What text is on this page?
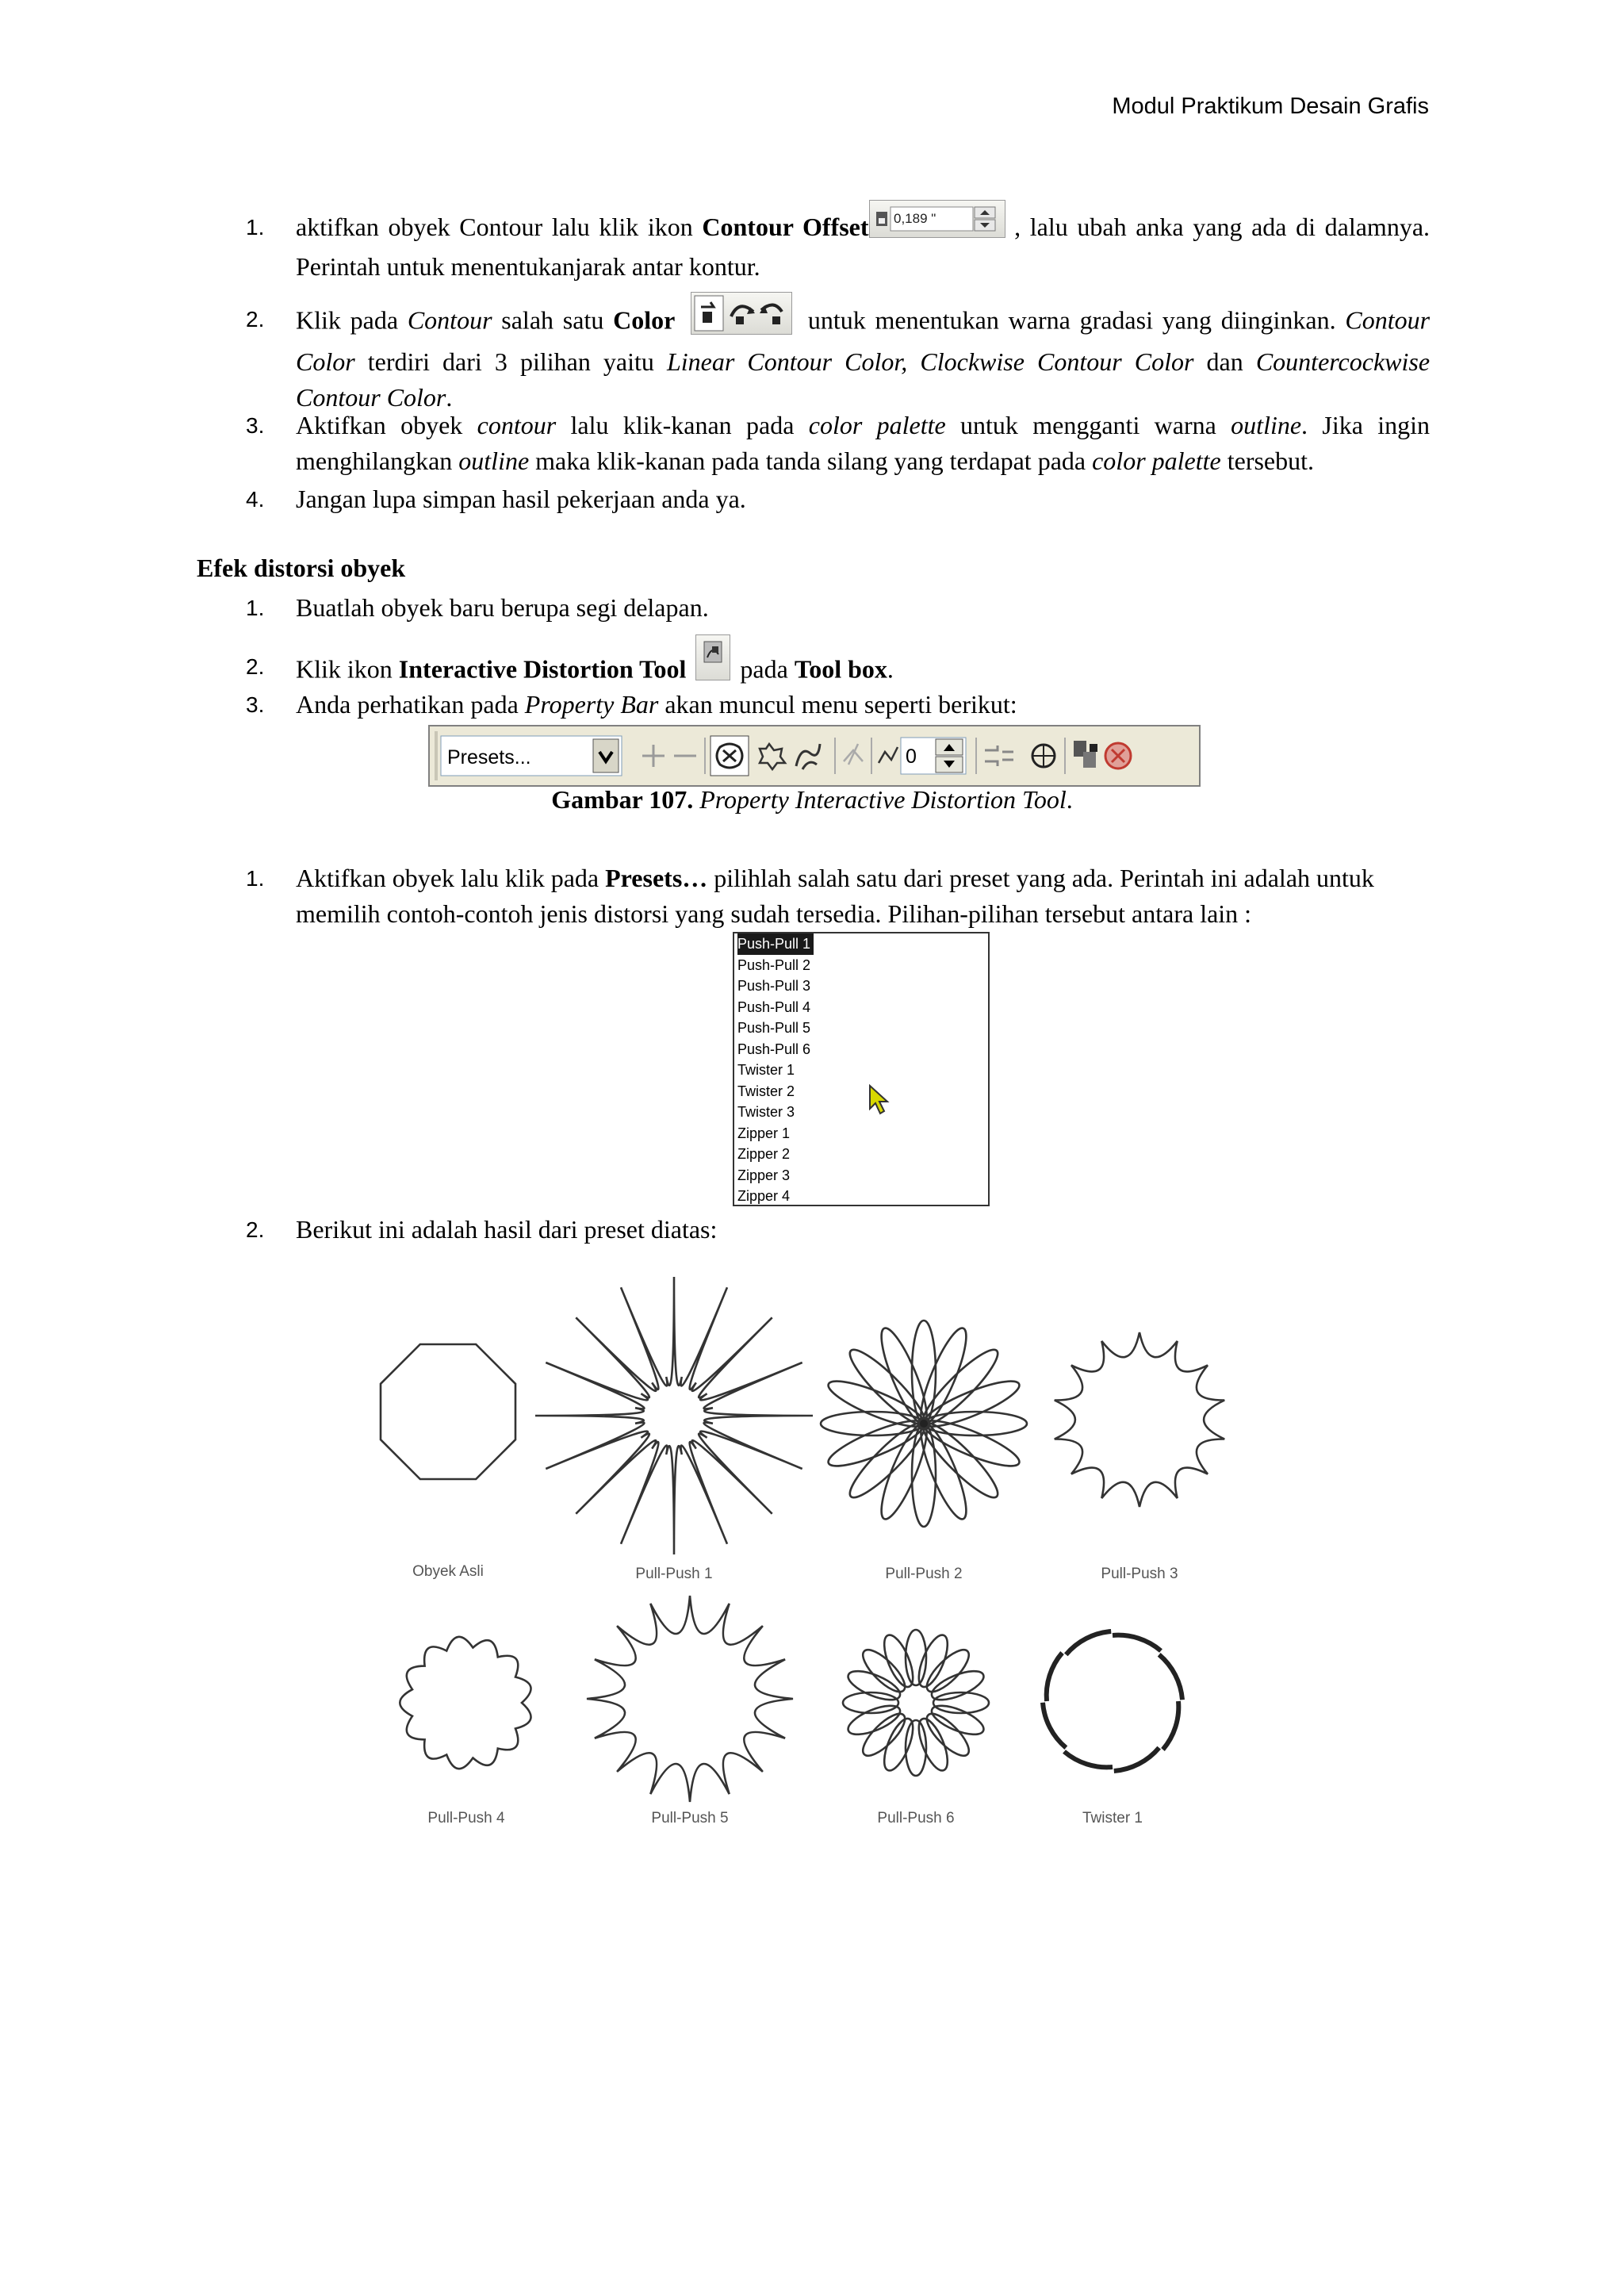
Modul Praktikum Desain Grafis
1. aktifkan obyek Contour lalu klik ikon Contour Offset 0,189 "	, lalu ubah anka yang ada di dalamnya. Perintah untuk menentukanjarak antar kontur.
2. Klik pada Contour salah satu Color	untuk menentukan warna gradasi yang diinginkan. Contour Color terdiri dari 3 pilihan yaitu Linear Contour Color, Clockwise Contour Color dan Countercockwise Contour Color.
3. Aktifkan obyek contour lalu klik-kanan pada color palette untuk mengganti warna outline. Jika ingin menghilangkan outline maka klik-kanan pada tanda silang yang terdapat pada color palette tersebut.
4. Jangan lupa simpan hasil pekerjaan anda ya.
Efek distorsi obyek
1. Buatlah obyek baru berupa segi delapan.
2. Klik ikon Interactive Distortion Tool  pada Tool box.
3. Anda perhatikan pada Property Bar akan muncul menu seperti berikut:
Presets...	0
Gambar 107. Property Interactive Distortion Tool.
1. Aktifkan obyek lalu klik pada Presets… pilihlah salah satu dari preset yang ada. Perintah ini adalah untuk memilih contoh-contoh jenis distorsi yang sudah tersedia. Pilihan-pilihan tersebut antara lain :
Push-Pull 1
Push-Pull 2
Push-Pull 3
Push-Pull 4
Push-Pull 5
Push-Pull 6
Twister 1
Twister 2
Twister 3
Zipper 1
Zipper 2
Zipper 3
Zipper 4
2. Berikut ini adalah hasil dari preset diatas:
Obyek Asli	Pull-Push 1	Pull-Push 2	Pull-Push 3
Pull-Push 4	Pull-Push 5	Pull-Push 6	Twister 1
